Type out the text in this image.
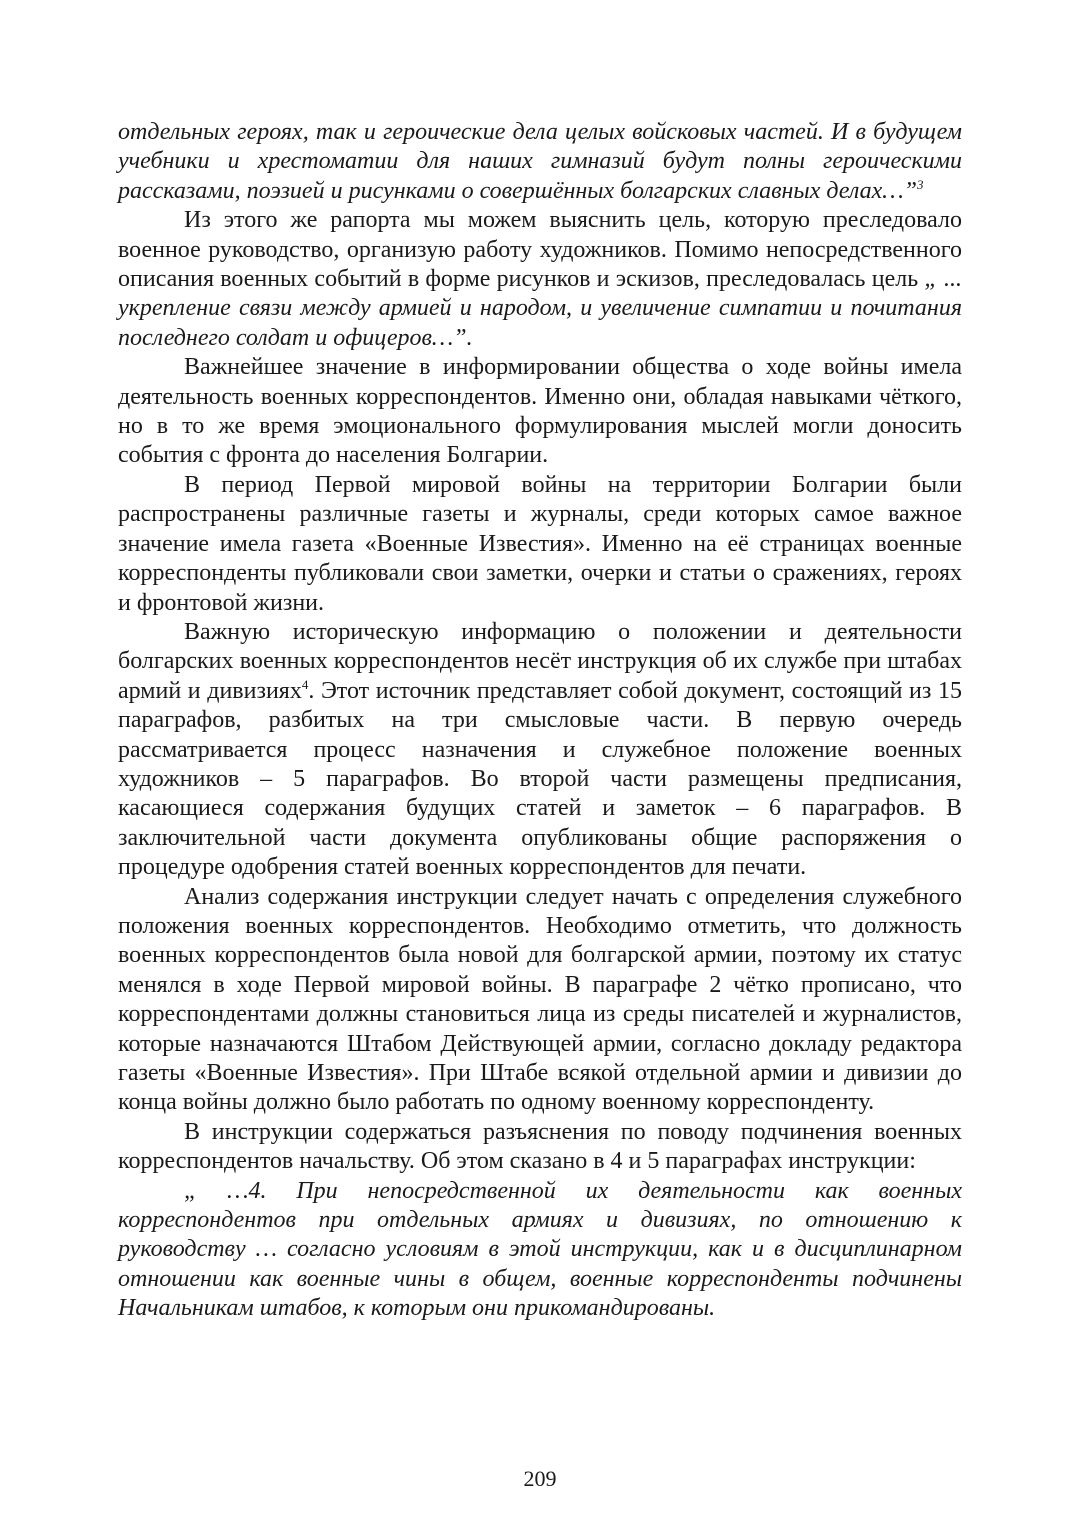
отдельных героях, так и героические дела целых войсковых частей. И в будущем учебники и хрестоматии для наших гимназий будут полны героическими рассказами, поэзией и рисунками о совершённых болгарских славных делах…”$^3$

Из этого же рапорта мы можем выяснить цель, которую преследовало военное руководство, организую работу художников. Помимо непосредственного описания военных событий в форме рисунков и эскизов, преследовалась цель „ ... укрепление связи между армией и народом, и увеличение симпатии и почитания последнего солдат и офицеров…”.

Важнейшее значение в информировании общества о ходе войны имела деятельность военных корреспондентов. Именно они, обладая навыками чёткого, но в то же время эмоционального формулирования мыслей могли доносить события с фронта до населения Болгарии.

В период Первой мировой войны на территории Болгарии были распространены различные газеты и журналы, среди которых самое важное значение имела газета «Военные Известия». Именно на её страницах военные корреспонденты публиковали свои заметки, очерки и статьи о сражениях, героях и фронтовой жизни.

Важную историческую информацию о положении и деятельности болгарских военных корреспондентов несёт инструкция об их службе при штабах армий и дивизиях$^4$. Этот источник представляет собой документ, состоящий из 15 параграфов, разбитых на три смысловые части. В первую очередь рассматривается процесс назначения и служебное положение военных художников – 5 параграфов. Во второй части размещены предписания, касающиеся содержания будущих статей и заметок – 6 параграфов. В заключительной части документа опубликованы общие распоряжения о процедуре одобрения статей военных корреспондентов для печати.

Анализ содержания инструкции следует начать с определения служебного положения военных корреспондентов. Необходимо отметить, что должность военных корреспондентов была новой для болгарской армии, поэтому их статус менялся в ходе Первой мировой войны. В параграфе 2 чётко прописано, что корреспондентами должны становиться лица из среды писателей и журналистов, которые назначаются Штабом Действующей армии, согласно докладу редактора газеты «Военные Известия». При Штабе всякой отдельной армии и дивизии до конца войны должно было работать по одному военному корреспонденту.

В инструкции содержаться разъяснения по поводу подчинения военных корреспондентов начальству. Об этом сказано в 4 и 5 параграфах инструкции:

„ …4. При непосредственной их деятельности как военных корреспондентов при отдельных армиях и дивизиях, по отношению к руководству … согласно условиям в этой инструкции, как и в дисциплинарном отношении как военные чины в общем, военные корреспонденты подчинены Начальникам штабов, к которым они прикомандированы.

209
